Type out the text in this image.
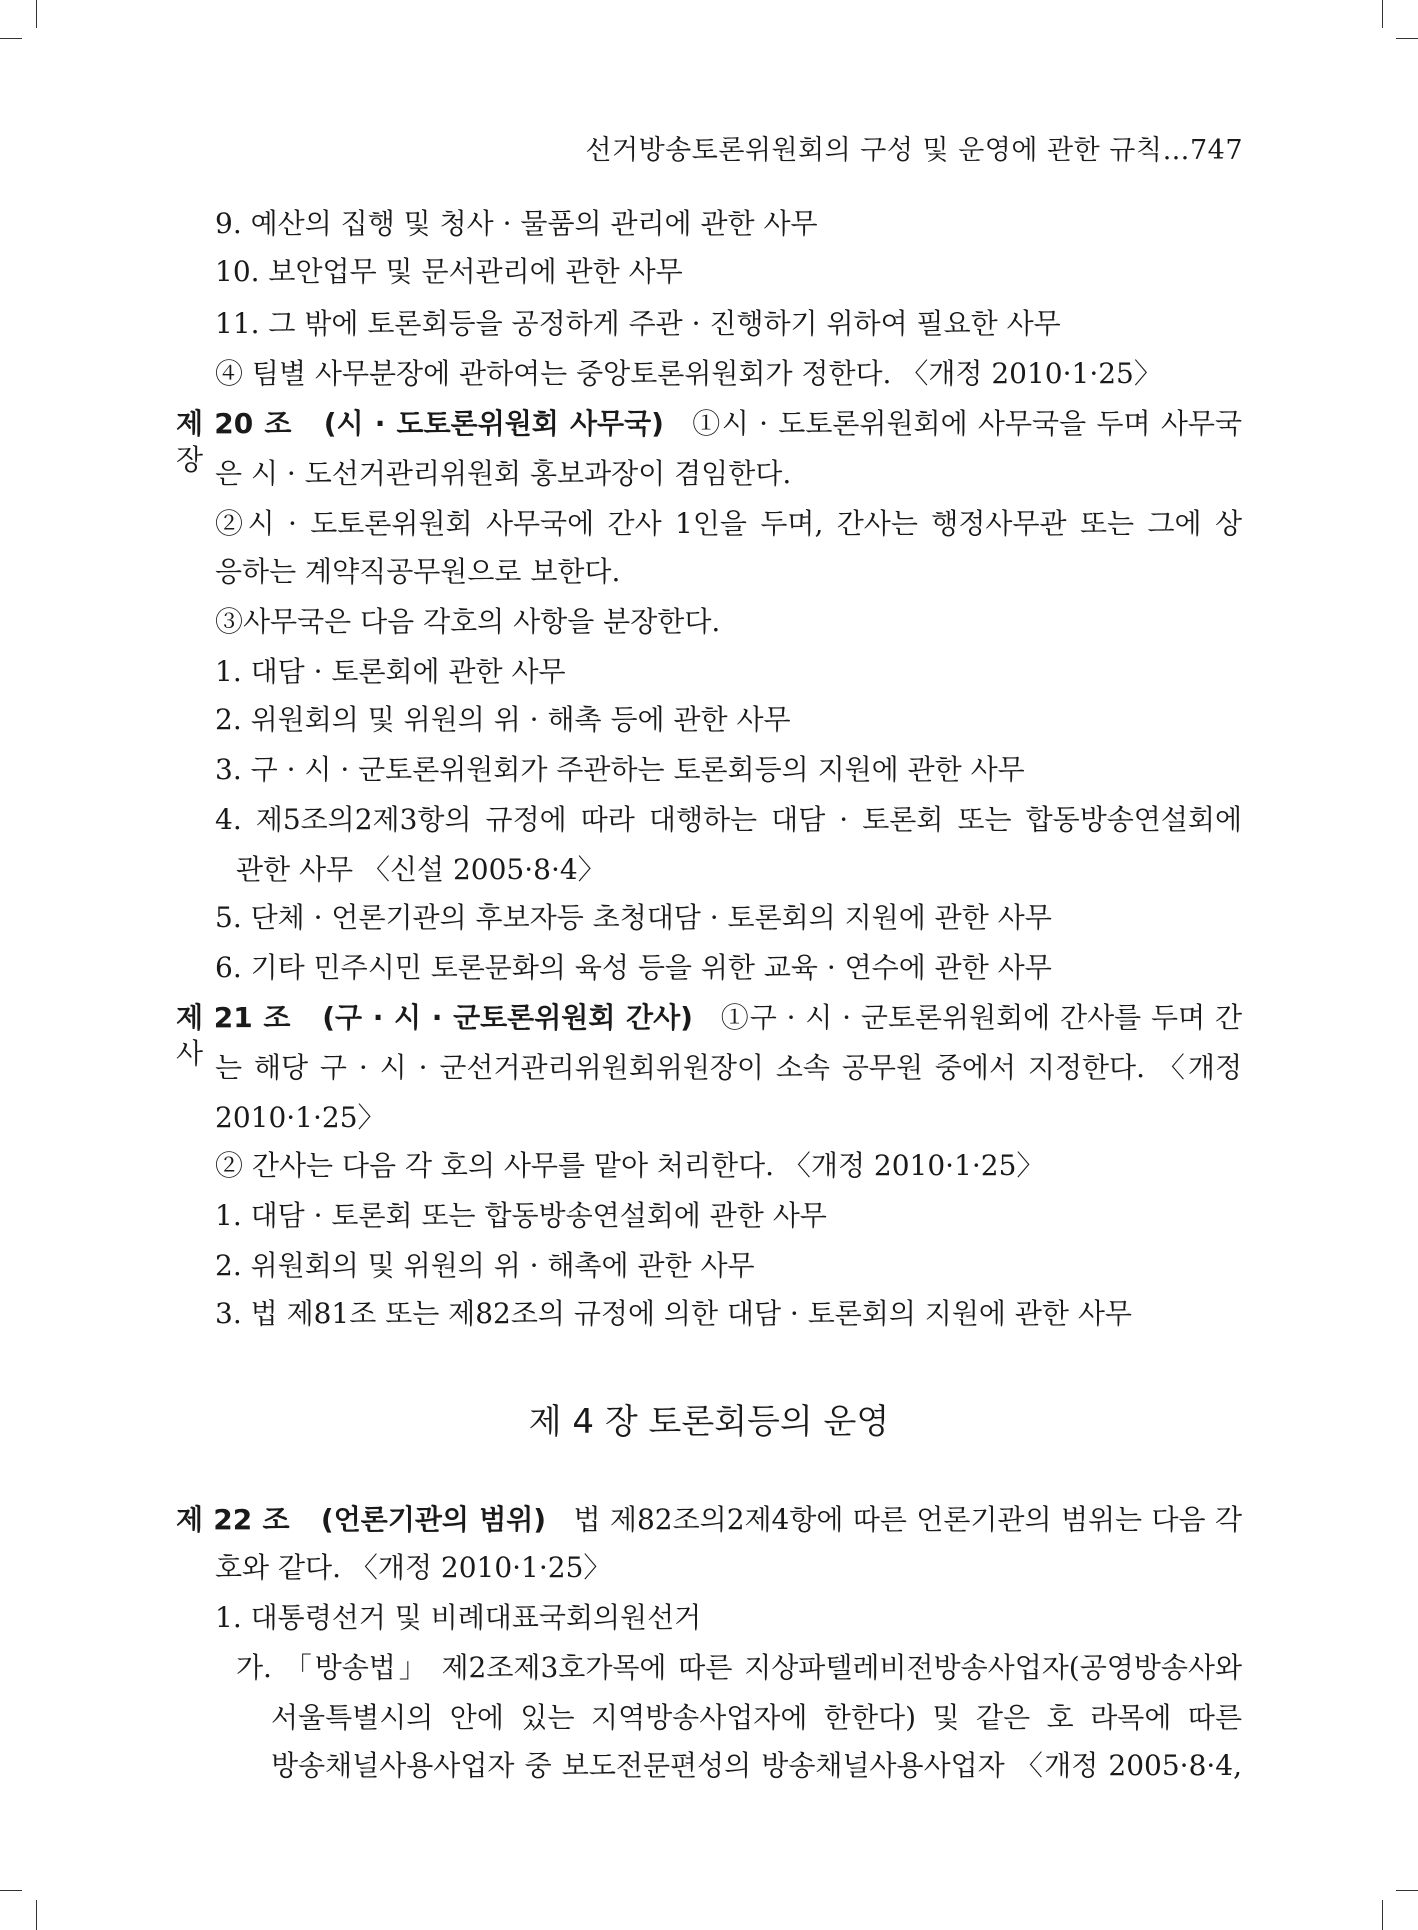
선거방송토론위원회의 구성 및 운영에 관한 규칙…747
9. 예산의 집행 및 청사 · 물품의 관리에 관한 사무
10. 보안업무 및 문서관리에 관한 사무
11. 그 밖에 토론회등을 공정하게 주관 · 진행하기 위하여 필요한 사무
④ 팀별 사무분장에 관하여는 중앙토론위원회가 정한다. 〈개정 2010·1·25〉
제 20 조 (시 · 도토론위원회 사무국) ①시 · 도토론위원회에 사무국을 두며 사무국장 은 시 · 도선거관리위원회 홍보과장이 겸임한다.
②시 · 도토론위원회 사무국에 간사 1인을 두며, 간사는 행정사무관 또는 그에 상
응하는 계약직공무원으로 보한다.
③사무국은 다음 각호의 사항을 분장한다.
1. 대담 · 토론회에 관한 사무
2. 위원회의 및 위원의 위 · 해촉 등에 관한 사무
3. 구 · 시 · 군토론위원회가 주관하는 토론회등의 지원에 관한 사무
4. 제5조의2제3항의 규정에 따라 대행하는 대담 · 토론회 또는 합동방송연설회에
관한 사무 〈신설 2005·8·4〉
5. 단체 · 언론기관의 후보자등 초청대담 · 토론회의 지원에 관한 사무
6. 기타 민주시민 토론문화의 육성 등을 위한 교육 · 연수에 관한 사무
제 21 조 (구 · 시 · 군토론위원회 간사) ①구 · 시 · 군토론위원회에 간사를 두며 간사 는 해당 구 · 시 · 군선거관리위원회위원장이 소속 공무원 중에서 지정한다. 〈개정
2010·1·25〉
② 간사는 다음 각 호의 사무를 맡아 처리한다. 〈개정 2010·1·25〉
1. 대담 · 토론회 또는 합동방송연설회에 관한 사무
2. 위원회의 및 위원의 위 · 해촉에 관한 사무
3. 법 제81조 또는 제82조의 규정에 의한 대담 · 토론회의 지원에 관한 사무
제 4 장 토론회등의 운영
제 22 조 (언론기관의 범위) 법 제82조의2제4항에 따른 언론기관의 범위는 다음 각
호와 같다. 〈개정 2010·1·25〉
1. 대통령선거 및 비례대표국회의원선거
가. 「방송법」 제2조제3호가목에 따른 지상파텔레비전방송사업자(공영방송사와
서울특별시의 안에 있는 지역방송사업자에 한한다) 및 같은 호 라목에 따른
방송채널사용사업자 중 보도전문편성의 방송채널사용사업자 〈개정 2005·8·4,
